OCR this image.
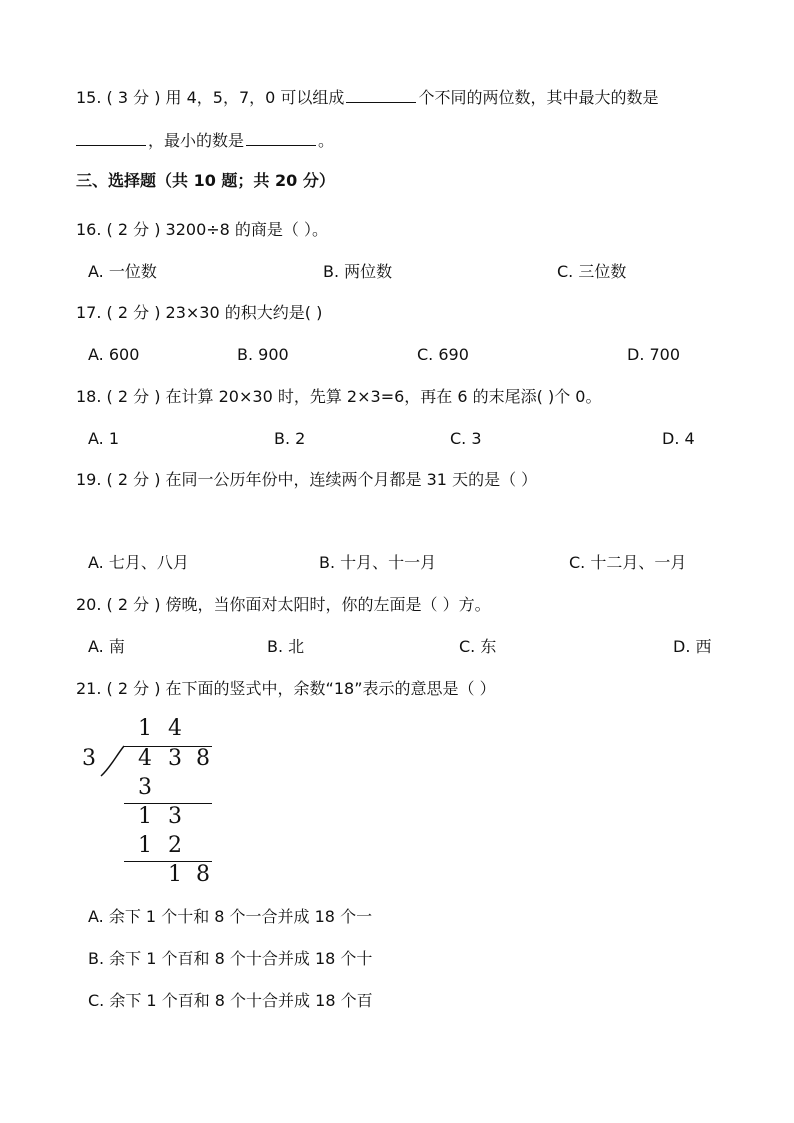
15. ( 3 分 ) 用 4，5，7，0 可以组成	个不同的两位数，其中最大的数是
，最小的数是	。
三、选择题（共 10 题；共 20 分）
16. ( 2 分 ) 3200÷8 的商是（ ）。
A. 一位数	B. 两位数	C. 三位数
17. ( 2 分 ) 23×30 的积大约是( )
A. 600	B. 900	C. 690	D. 700
18. ( 2 分 ) 在计算 20×30 时，先算 2×3=6，再在 6 的末尾添( )个 0。
A. 1	B. 2	C. 3	D. 4
19. ( 2 分 ) 在同一公历年份中，连续两个月都是 31 天的是（ ）
A. 七月、八月	B. 十月、十一月	C. 十二月、一月
20. ( 2 分 ) 傍晚，当你面对太阳时，你的左面是（ ）方。
A. 南	B. 北	C. 东	D. 西
21. ( 2 分 ) 在下面的竖式中，余数“18”表示的意思是（ ）
1 4
3 4 3 8
3
1 3
1 2
1 8
A. 余下 1 个十和 8 个一合并成 18 个一
B. 余下 1 个百和 8 个十合并成 18 个十
C. 余下 1 个百和 8 个十合并成 18 个百
